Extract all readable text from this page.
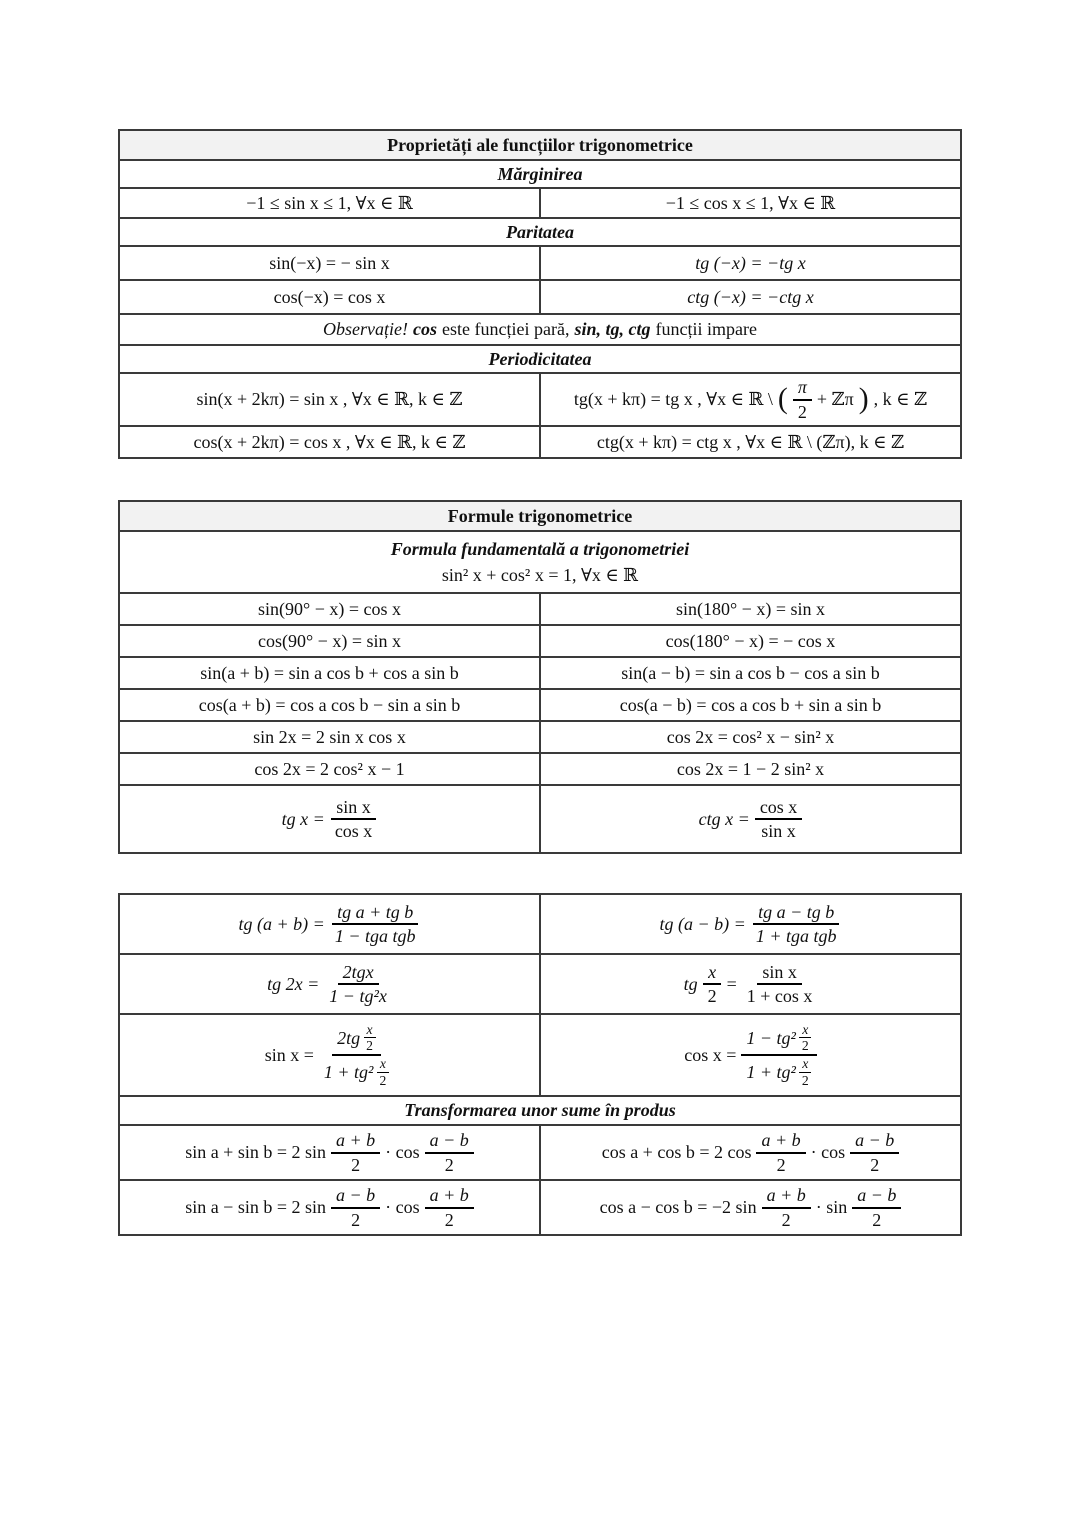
Proprietăți ale funcțiilor trigonometrice	
Mărginirea	
−1 ≤ sin x ≤ 1, ∀x ∈ ℝ	−1 ≤ cos x ≤ 1, ∀x ∈ ℝ
Paritatea	
sin(−x) = − sin x	tg (−x) = −tg x
cos(−x) = cos x	ctg (−x) = −ctg x

Observație! cos este funcției pară, sin, tg, ctg funcții impare	

Periodicitatea	
sin(x + 2kπ) = sin x , ∀x ∈ ℝ, k ∈ ℤ	tg(x + kπ) = tg x , ∀x ∈ ℝ \ ( $\frac{\pi}{2}$ + ℤπ ) , k ∈ ℤ

cos(x + 2kπ) = cos x , ∀x ∈ ℝ, k ∈ ℤ	ctg(x + kπ) = ctg x , ∀x ∈ ℝ \ (ℤπ), k ∈ ℤ
Formule trigonometrice	

Formula fundamentală a trigonometriei
sin² x + cos² x = 1, ∀x ∈ ℝ	

sin(90° − x) = cos x	sin(180° − x) = sin x
cos(90° − x) = sin x	cos(180° − x) = − cos x
sin(a + b) = sin a cos b + cos a sin b	sin(a − b) = sin a cos b − cos a sin b
cos(a + b) = cos a cos b − sin a sin b	cos(a − b) = cos a cos b + sin a sin b
sin 2x = 2 sin x cos x	cos 2x = cos² x − sin² x
cos 2x = 2 cos² x − 1	cos 2x = 1 − 2 sin² x

tg $x = \frac{\text{sin x}}{\text{cos x}}$	ctg $x = \frac{\text{cos x}}{\text{sin x}}$
tg $(a + b) = \frac{\text{tg a + tg b}}{\text{1 − tga tgb}}$	tg $(a - b) = \frac{\text{tg a − tg b}}{\text{1 + tga tgb}}$

tg $2x = \frac{\text{2tgx}}{\text{1 − tg²x}}$	tg $\frac{x}{2} = \frac{\text{sin x}}{\text{1 + cos x}}$

$\sin x = \frac{2tg \frac{x}{2}}{1 + tg^2 \frac{x}{2}}$	$\cos x = \frac{1 - tg^2 \frac{x}{2}}{1 + tg^2 \frac{x}{2}}$

Transformarea unor sume în produs	

sin a + sin b = 2 $\sin \frac{a + b}{2} \cdot \cos \frac{a - b}{2}$	cos a + cos b = 2 $\cos \frac{a + b}{2} \cdot \cos \frac{a - b}{2}$

sin a − sin b = 2 $\sin \frac{a - b}{2} \cdot \cos \frac{a + b}{2}$	cos a − cos b = −2 $\sin \frac{a + b}{2} \cdot \sin \frac{a - b}{2}$
